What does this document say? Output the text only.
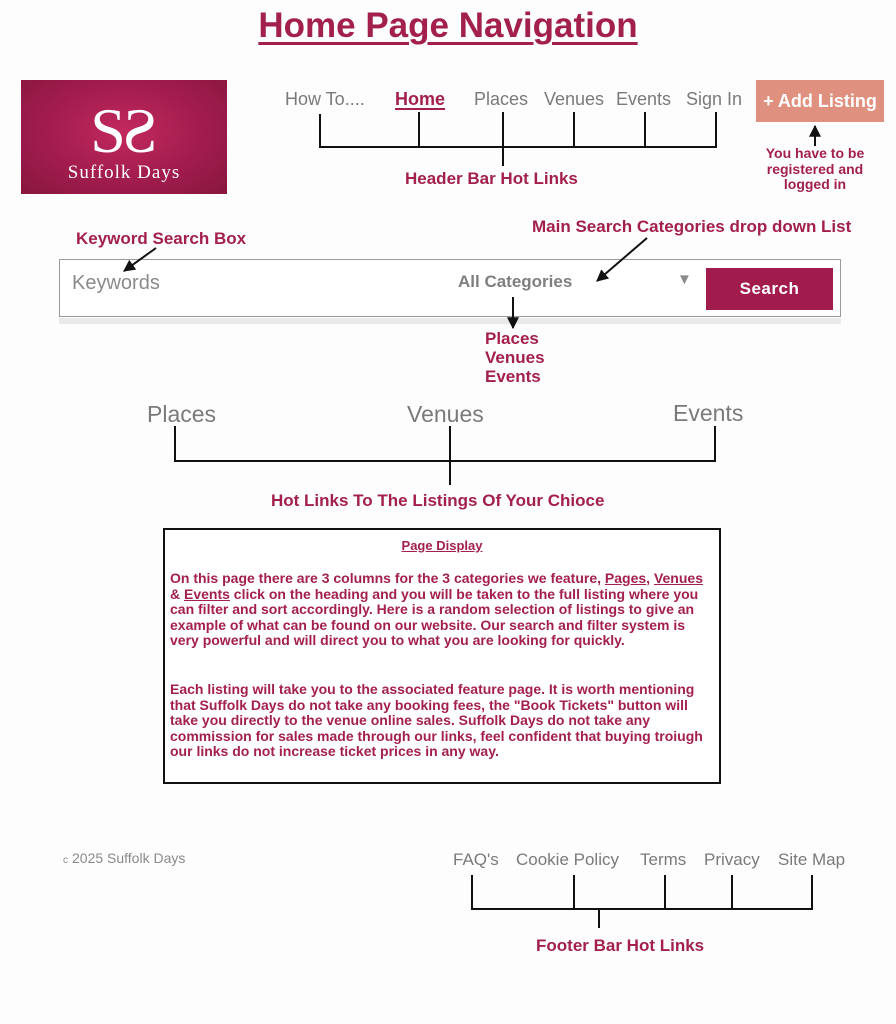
Home Page Navigation
S
S
Suffolk Days
How To.... Home Places Venues Events Sign In	+ Add Listing
Header Bar Hot Links
You have to be
registered and
logged in
Keyword Search Box
Main Search Categories drop down List
Keywords
All Categories	▼	Search
Places
Venues
Events
Places	Venues	Events
Hot Links To The Listings Of Your Chioce
Page Display
On this page there are 3 columns for the 3 categories we feature, Pages, Venues & Events click on the heading and you will be taken to the full listing where you can filter and sort accordingly. Here is a random selection of listings to give an example of what can be found on our website. Our search and filter system is very powerful and will direct you to what you are looking for quickly.
Each listing will take you to the associated feature page. It is worth mentioning that Suffolk Days do not take any booking fees, the "Book Tickets" button will take you directly to the venue online sales. Suffolk Days do not take any commission for sales made through our links, feel confident that buying troiugh our links do not increase ticket prices in any way.
c 2025 Suffolk Days	FAQ's Cookie Policy Terms Privacy Site Map
Footer Bar Hot Links
